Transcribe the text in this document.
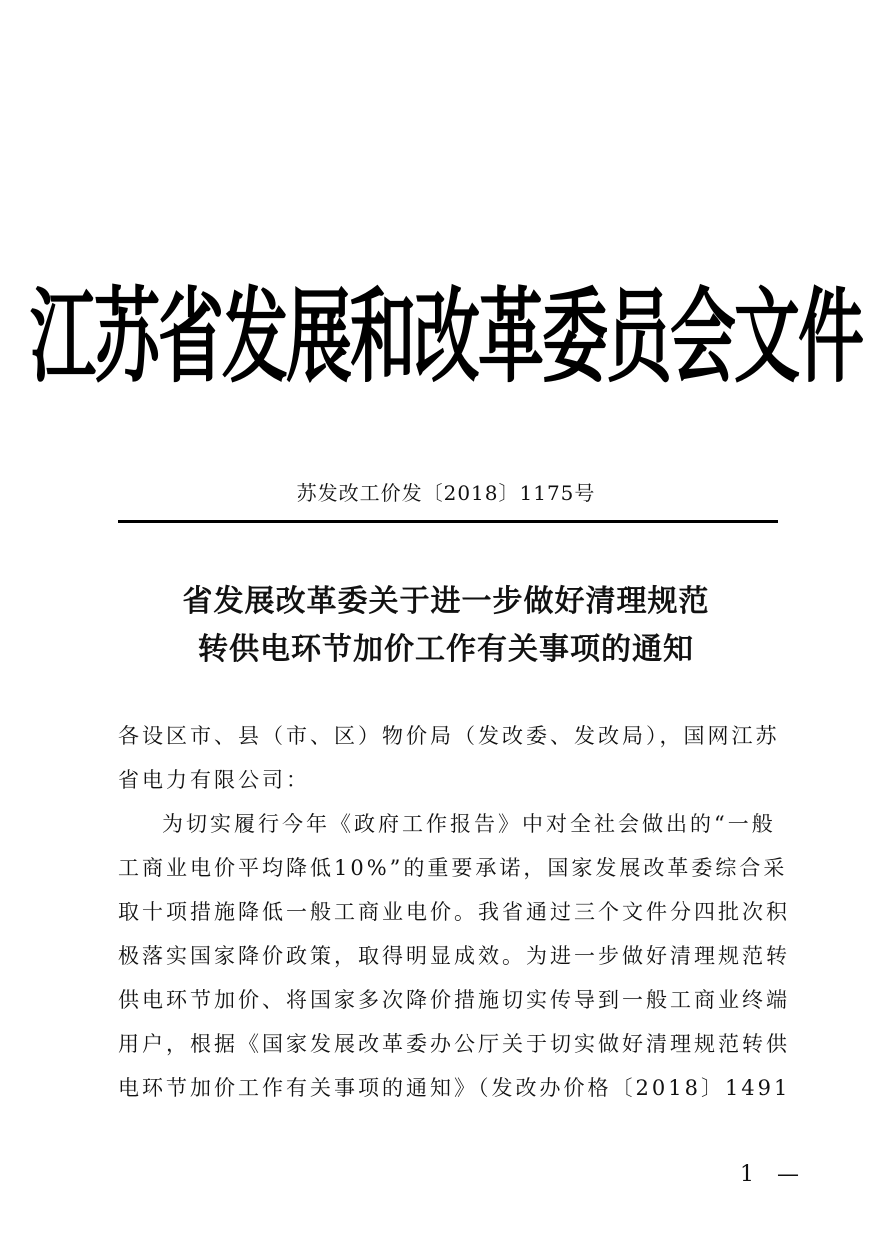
江苏省发展和改革委员会文件
苏发改工价发〔2018〕1175号
省发展改革委关于进一步做好清理规范
转供电环节加价工作有关事项的通知
各设区市、县（市、区）物价局（发改委、发改局），国网江苏
省电力有限公司：
为切实履行今年《政府工作报告》中对全社会做出的“一般
工商业电价平均降低10%”的重要承诺，国家发展改革委综合采
取十项措施降低一般工商业电价。我省通过三个文件分四批次积
极落实国家降价政策，取得明显成效。为进一步做好清理规范转
供电环节加价、将国家多次降价措施切实传导到一般工商业终端
用户，根据《国家发展改革委办公厅关于切实做好清理规范转供
电环节加价工作有关事项的通知》（发改办价格〔2018〕1491
1 —
